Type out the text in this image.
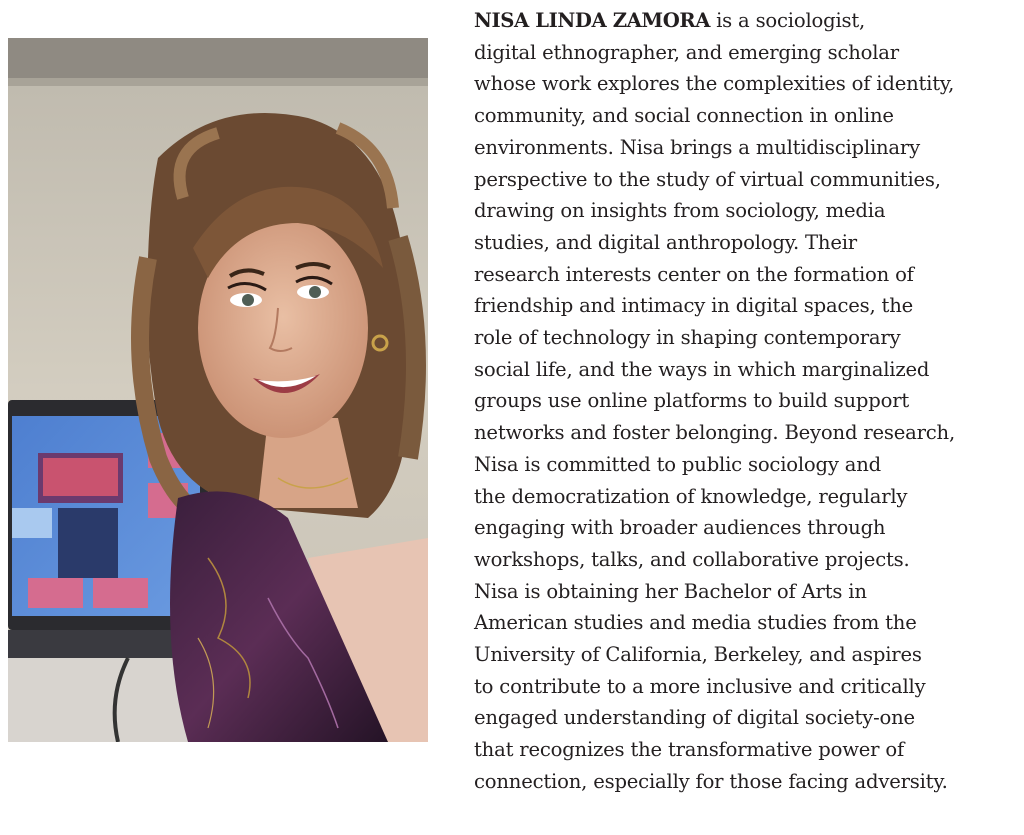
NISA LINDA ZAMORA is a sociologist,
digital ethnographer, and emerging scholar
whose work explores the complexities of identity,
community, and social connection in online
environments. Nisa brings a multidisciplinary
perspective to the study of virtual communities,
drawing on insights from sociology, media
studies, and digital anthropology. Their
research interests center on the formation of
friendship and intimacy in digital spaces, the
role of technology in shaping contemporary
social life, and the ways in which marginalized
groups use online platforms to build support
networks and foster belonging. Beyond research,
Nisa is committed to public sociology and
the democratization of knowledge, regularly
engaging with broader audiences through
workshops, talks, and collaborative projects.
Nisa is obtaining her Bachelor of Arts in
American studies and media studies from the
University of California, Berkeley, and aspires
to contribute to a more inclusive and critically
engaged understanding of digital society-one
that recognizes the transformative power of
connection, especially for those facing adversity.
